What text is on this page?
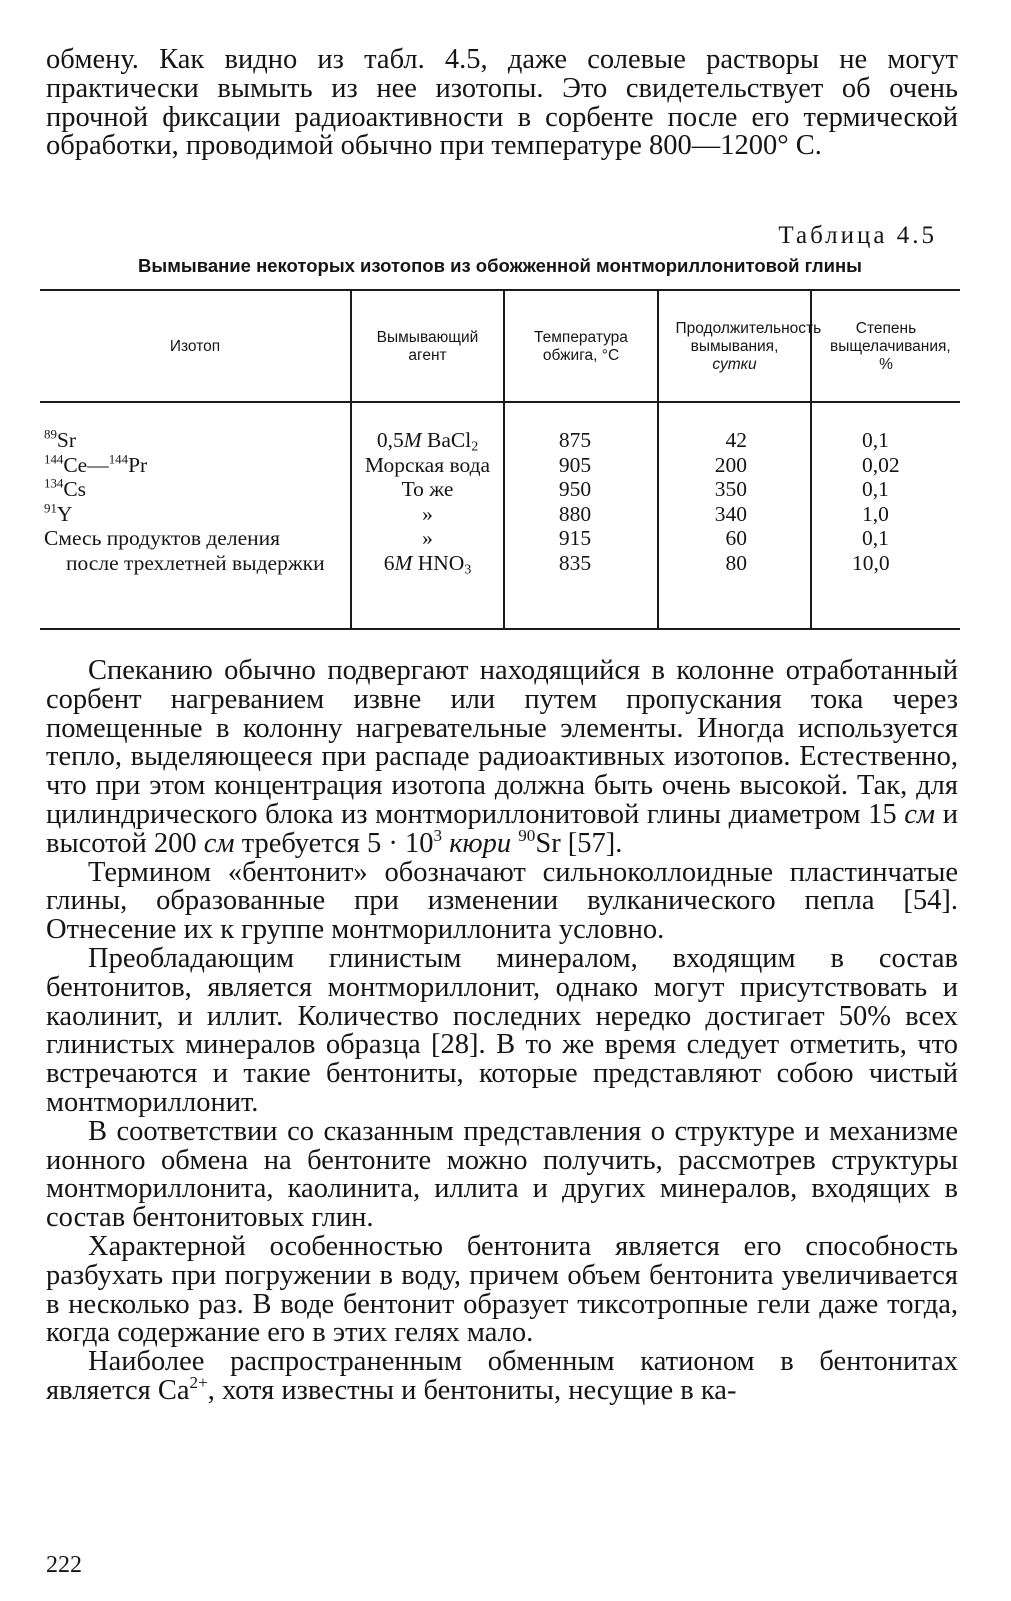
обмену. Как видно из табл. 4.5, даже солевые растворы не могут практически вымыть из нее изотопы. Это свидетельствует об очень прочной фиксации радиоактивности в сорбенте после его термической обработки, проводимой обычно при температуре 800—1200° С.

Таблица 4.5
Вымывание некоторых изотопов из обожженной монтмориллонитовой глины
Изотоп
Вымывающий агент
Температура обжига, °С
Продолжительность вымывания,
сутки
Степень выщелачивания, %
$^{89}$Sr
$^{144}$Ce—$^{144}$Pr
$^{134}$Cs
$^{91}$Y
Смесь продуктов деления
после трехлетней выдержки
0,5M BaCl$_2$
Морская вода
То же
»
»
6M $HNO_3$
875
905
950
880
915
835
42
200
350
340
60
80
0,1
0,02
0,1
1,0
0,1
10,0

Спеканию обычно подвергают находящийся в колонне отработанный сорбент нагреванием извне или путем пропускания тока через помещенные в колонну нагревательные элементы. Иногда используется тепло, выделяющееся при распаде радиоактивных изотопов. Естественно, что при этом концентрация изотопа должна быть очень высокой. Так, для цилиндрического блока из монтмориллонитовой глины диаметром 15 см и высотой 200 см требуется $5 \cdot 10^3$ кюри $^{90}$Sr [57].

Термином «бентонит» обозначают сильноколлоидные пластинчатые глины, образованные при изменении вулканического пепла [54]. Отнесение их к группе монтмориллонита условно.

Преобладающим глинистым минералом, входящим в состав бентонитов, является монтмориллонит, однако могут присутствовать и каолинит, и иллит. Количество последних нередко достигает 50% всех глинистых минералов образца [28]. В то же время следует отметить, что встречаются и такие бентониты, которые представляют собою чистый монтмориллонит.

В соответствии со сказанным представления о структуре и механизме ионного обмена на бентоните можно получить, рассмотрев структуры монтмориллонита, каолинита, иллита и других минералов, входящих в состав бентонитовых глин.

Характерной особенностью бентонита является его способность разбухать при погружении в воду, причем объем бентонита увеличивается в несколько раз. В воде бентонит образует тиксотропные гели даже тогда, когда содержание его в этих гелях мало.

Наиболее распространенным обменным катионом в бентонитах является $Ca^{2+}$, хотя известны и бентониты, несущие в ка-

222
